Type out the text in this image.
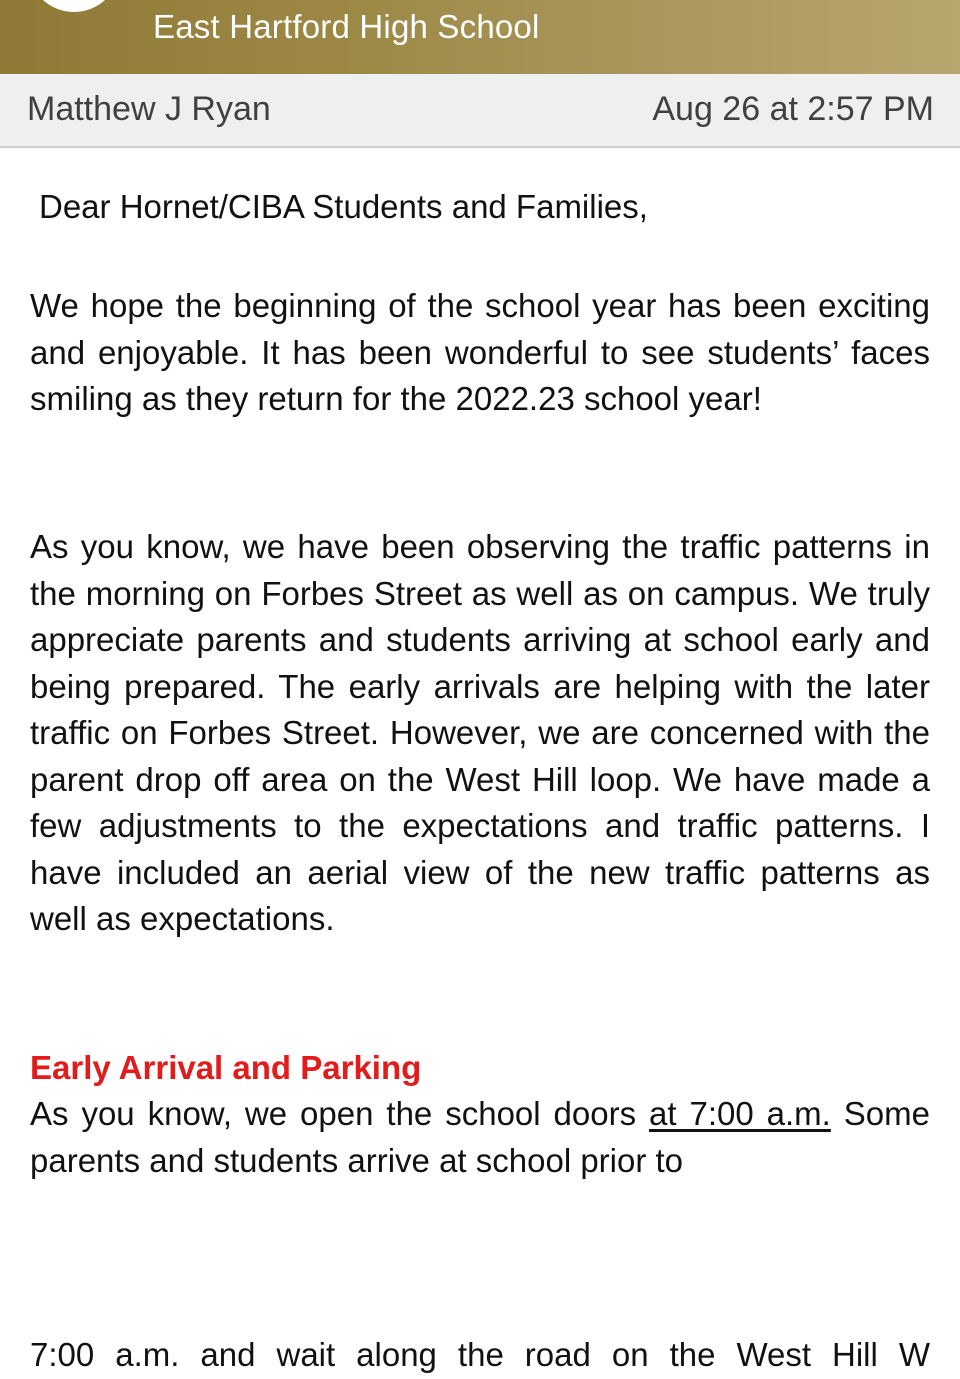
East Hartford High School
Matthew J Ryan	Aug 26 at 2:57 PM
Dear Hornet/CIBA Students and Families,

We hope the beginning of the school year has been exciting and enjoyable. It has been wonderful to see students’ faces smiling as they return for the 2022.23 school year!

As you know, we have been observing the traffic patterns in the morning on Forbes Street as well as on campus. We truly appreciate parents and students arriving at school early and being prepared. The early arrivals are helping with the later traffic on Forbes Street. However, we are concerned with the parent drop off area on the West Hill loop. We have made a few adjustments to the expectations and traffic patterns. I have included an aerial view of the new traffic patterns as well as expectations.

Early Arrival and Parking

As you know, we open the school doors at 7:00 a.m. Some parents and students arrive at school prior to

7:00 a.m. and wait along the road on the West Hill W
